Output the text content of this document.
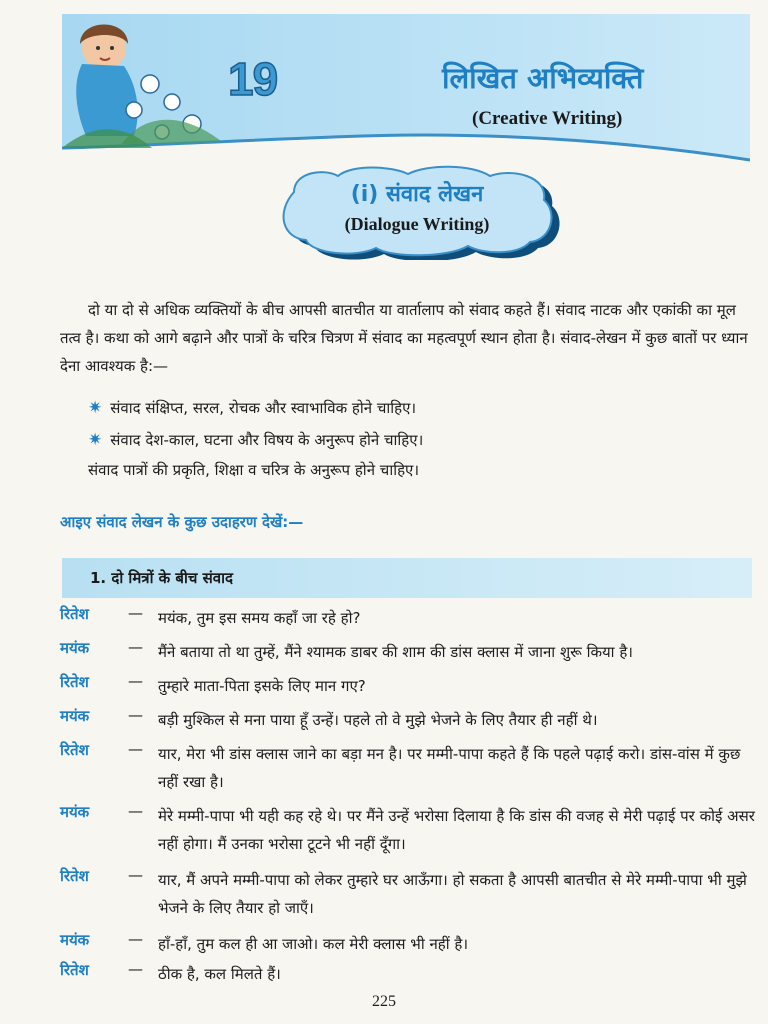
19	लिखित अभिव्यक्ति
(Creative Writing)
(i) संवाद लेखन
(Dialogue Writing)

दो या दो से अधिक व्यक्तियों के बीच आपसी बातचीत या वार्तालाप को संवाद कहते हैं। संवाद नाटक और एकांकी का मूल तत्व है। कथा को आगे बढ़ाने और पात्रों के चरित्र चित्रण में संवाद का महत्वपूर्ण स्थान होता है। संवाद-लेखन में कुछ बातों पर ध्यान देना आवश्यक है:—

✷ संवाद संक्षिप्त, सरल, रोचक और स्वाभाविक होने चाहिए।
✷ संवाद देश-काल, घटना और विषय के अनुरूप होने चाहिए।
संवाद पात्रों की प्रकृति, शिक्षा व चरित्र के अनुरूप होने चाहिए।
आइए संवाद लेखन के कुछ उदाहरण देखें:—
1. दो मित्रों के बीच संवाद
रितेश	— मयंक, तुम इस समय कहाँ जा रहे हो?
मयंक	— मैंने बताया तो था तुम्हें, मैंने श्यामक डाबर की शाम की डांस क्लास में जाना शुरू किया है।
रितेश	— तुम्हारे माता-पिता इसके लिए मान गए?
मयंक	— बड़ी मुश्किल से मना पाया हूँ उन्हें। पहले तो वे मुझे भेजने के लिए तैयार ही नहीं थे।
रितेश	— यार, मेरा भी डांस क्लास जाने का बड़ा मन है। पर मम्मी-पापा कहते हैं कि पहले पढ़ाई करो। डांस-वांस में कुछ नहीं रखा है।
मयंक	— मेरे मम्मी-पापा भी यही कह रहे थे। पर मैंने उन्हें भरोसा दिलाया है कि डांस की वजह से मेरी पढ़ाई पर कोई असर नहीं होगा। मैं उनका भरोसा टूटने भी नहीं दूँगा।
रितेश	— यार, मैं अपने मम्मी-पापा को लेकर तुम्हारे घर आऊँगा। हो सकता है आपसी बातचीत से मेरे मम्मी-पापा भी मुझे भेजने के लिए तैयार हो जाएँ।
मयंक	— हाँ-हाँ, तुम कल ही आ जाओ। कल मेरी क्लास भी नहीं है।
रितेश	— ठीक है, कल मिलते हैं।
225
